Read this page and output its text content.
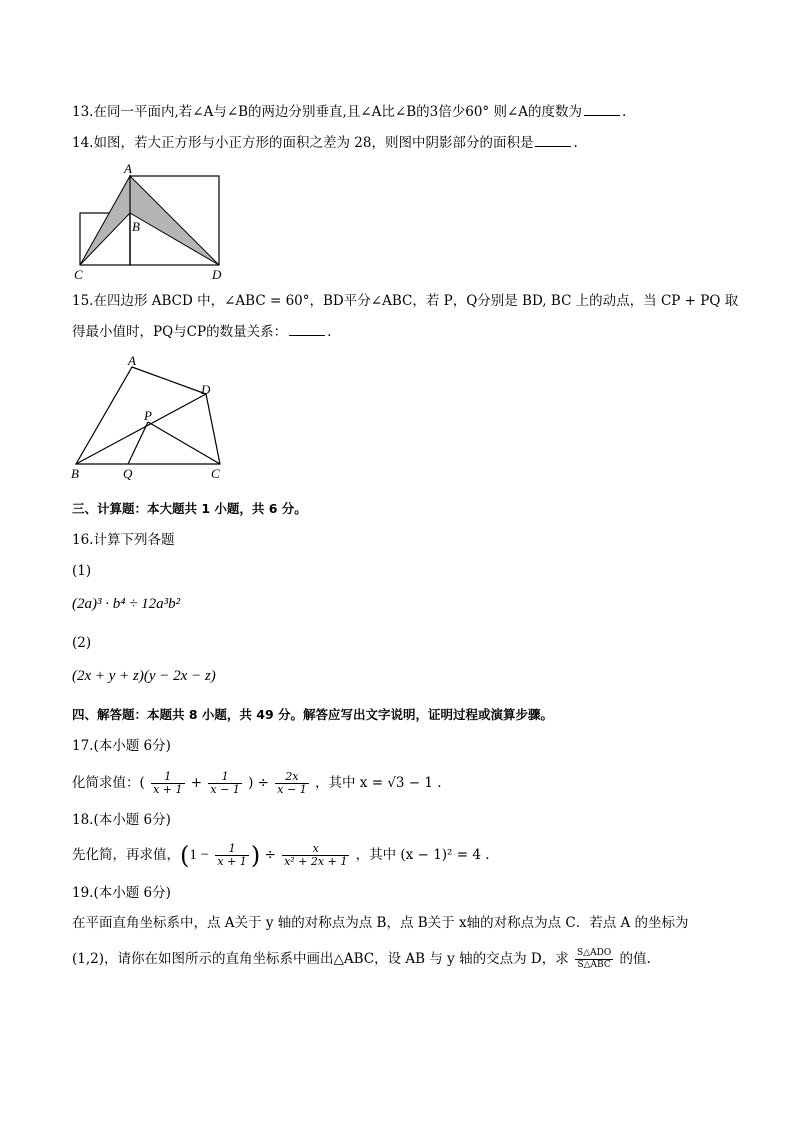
13.在同一平面内,若∠A与∠B的两边分别垂直,且∠A比∠B的3倍少60° 则∠A的度数为	.
14.如图，若大正方形与小正方形的面积之差为 28，则图中阴影部分的面积是	.
A
B
C	D
15.在四边形 ABCD 中，∠ABC = 60°，BD平分∠ABC，若 P，Q分别是 BD, BC 上的动点，当 CP + PQ 取
得最小值时，PQ与CP的数量关系：	.
A
D
P
B	Q	C
三、计算题：本大题共 1 小题，共 6 分。
16.计算下列各题
(1)
(2a)³ · b⁴ ÷ 12a³b²
(2)
(2x + y + z)(y − 2x − z)
四、解答题：本题共 8 小题，共 49 分。解答应写出文字说明，证明过程或演算步骤。
17.(本小题 6分)
化简求值：( $\frac{1}{x + 1} + \frac{1}{x - 1}$ ) ÷ $\frac{2x}{x - 1}$ ，其中 x = √3 − 1 .
18.(本小题 6分)
先化简，再求值，($1 - \frac{1}{x + 1}$ ) ÷ $\frac{x}{\text{x² + 2x + 1}}$ ，其中 (x − 1)² = 4 .
19.(本小题 6分)
在平面直角坐标系中，点 A关于 y 轴的对称点为点 B，点 B关于 x轴的对称点为点 C．若点 A 的坐标为
(1,2)，请你在如图所示的直角坐标系中画出△ABC，设 AB 与 y 轴的交点为 D，求 $\frac{\text{S△ADO}}{\text{S△ABC}}$ 的值.
